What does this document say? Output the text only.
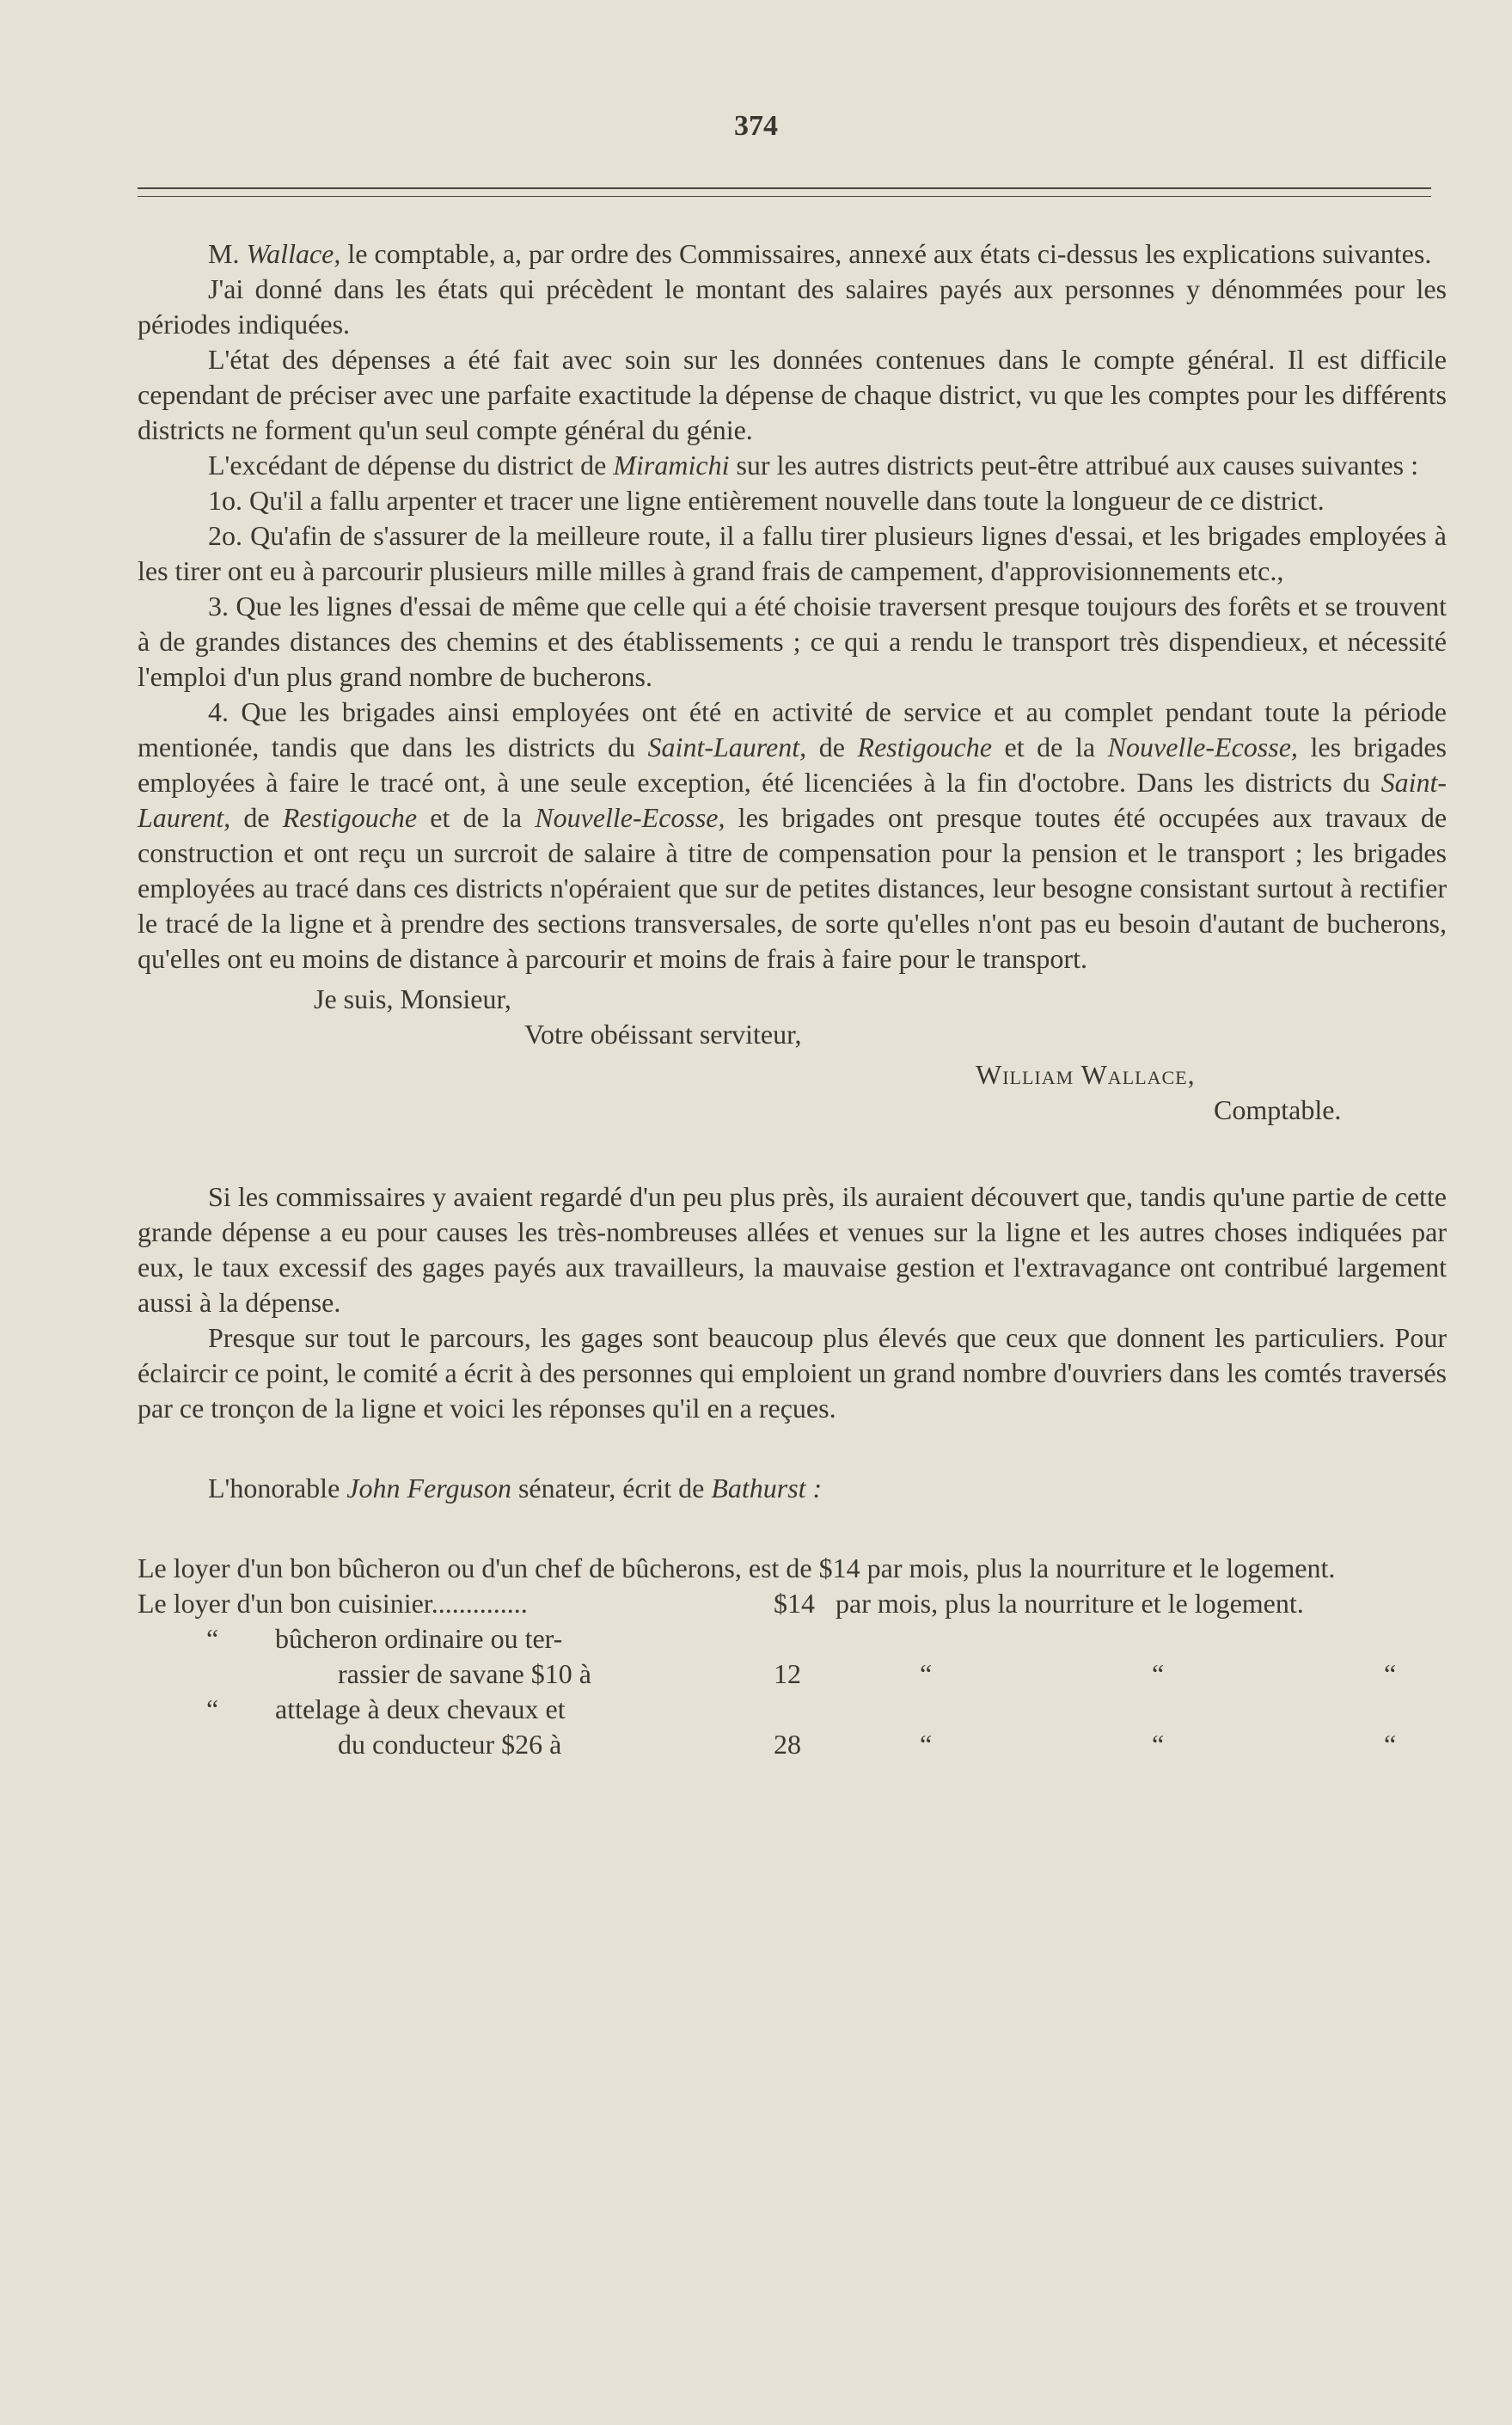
374

M. Wallace, le comptable, a, par ordre des Commissaires, annexé aux états ci-dessus les explications suivantes.

J'ai donné dans les états qui précèdent le montant des salaires payés aux personnes y dénommées pour les périodes indiquées.

L'état des dépenses a été fait avec soin sur les données contenues dans le compte général. Il est difficile cependant de préciser avec une parfaite exactitude la dépense de chaque district, vu que les comptes pour les différents districts ne forment qu'un seul compte général du génie.

L'excédant de dépense du district de Miramichi sur les autres districts peut-être attribué aux causes suivantes :

1o. Qu'il a fallu arpenter et tracer une ligne entièrement nouvelle dans toute la longueur de ce district.

2o. Qu'afin de s'assurer de la meilleure route, il a fallu tirer plusieurs lignes d'essai, et les brigades employées à les tirer ont eu à parcourir plusieurs mille milles à grand frais de campement, d'approvisionnements etc.,

3. Que les lignes d'essai de même que celle qui a été choisie traversent presque toujours des forêts et se trouvent à de grandes distances des chemins et des établissements ; ce qui a rendu le transport très dispendieux, et nécessité l'emploi d'un plus grand nombre de bucherons.

4. Que les brigades ainsi employées ont été en activité de service et au complet pendant toute la période mentionée, tandis que dans les districts du Saint-Laurent, de Restigouche et de la Nouvelle-Ecosse, les brigades employées à faire le tracé ont, à une seule exception, été licenciées à la fin d'octobre. Dans les districts du Saint-Laurent, de Restigouche et de la Nouvelle-Ecosse, les brigades ont presque toutes été occupées aux travaux de construction et ont reçu un surcroit de salaire à titre de compensation pour la pension et le transport ; les brigades employées au tracé dans ces districts n'opéraient que sur de petites distances, leur besogne consistant surtout à rectifier le tracé de la ligne et à prendre des sections transversales, de sorte qu'elles n'ont pas eu besoin d'autant de bucherons, qu'elles ont eu moins de distance à parcourir et moins de frais à faire pour le transport.

Je suis, Monsieur,

Votre obéissant serviteur,

William Wallace,

Comptable.

Si les commissaires y avaient regardé d'un peu plus près, ils auraient découvert que, tandis qu'une partie de cette grande dépense a eu pour causes les très-nombreuses allées et venues sur la ligne et les autres choses indiquées par eux, le taux excessif des gages payés aux travailleurs, la mauvaise gestion et l'extravagance ont contribué largement aussi à la dépense.

Presque sur tout le parcours, les gages sont beaucoup plus élevés que ceux que donnent les particuliers. Pour éclaircir ce point, le comité a écrit à des personnes qui emploient un grand nombre d'ouvriers dans les comtés traversés par ce tronçon de la ligne et voici les réponses qu'il en a reçues.

L'honorable John Ferguson sénateur, écrit de Bathurst :

Le loyer d'un bon bûcheron ou d'un chef de bûcherons, est de $14 par mois, plus la nourriture et le logement.

Le loyer d'un bon cuisinier..............	$14 par mois, plus la nourriture et le logement.
“	bûcheron ordinaire ou ter-
rassier de savane $10 à	12	“	“	“
“	attelage à deux chevaux et
du conducteur $26 à	28	“	“	“
